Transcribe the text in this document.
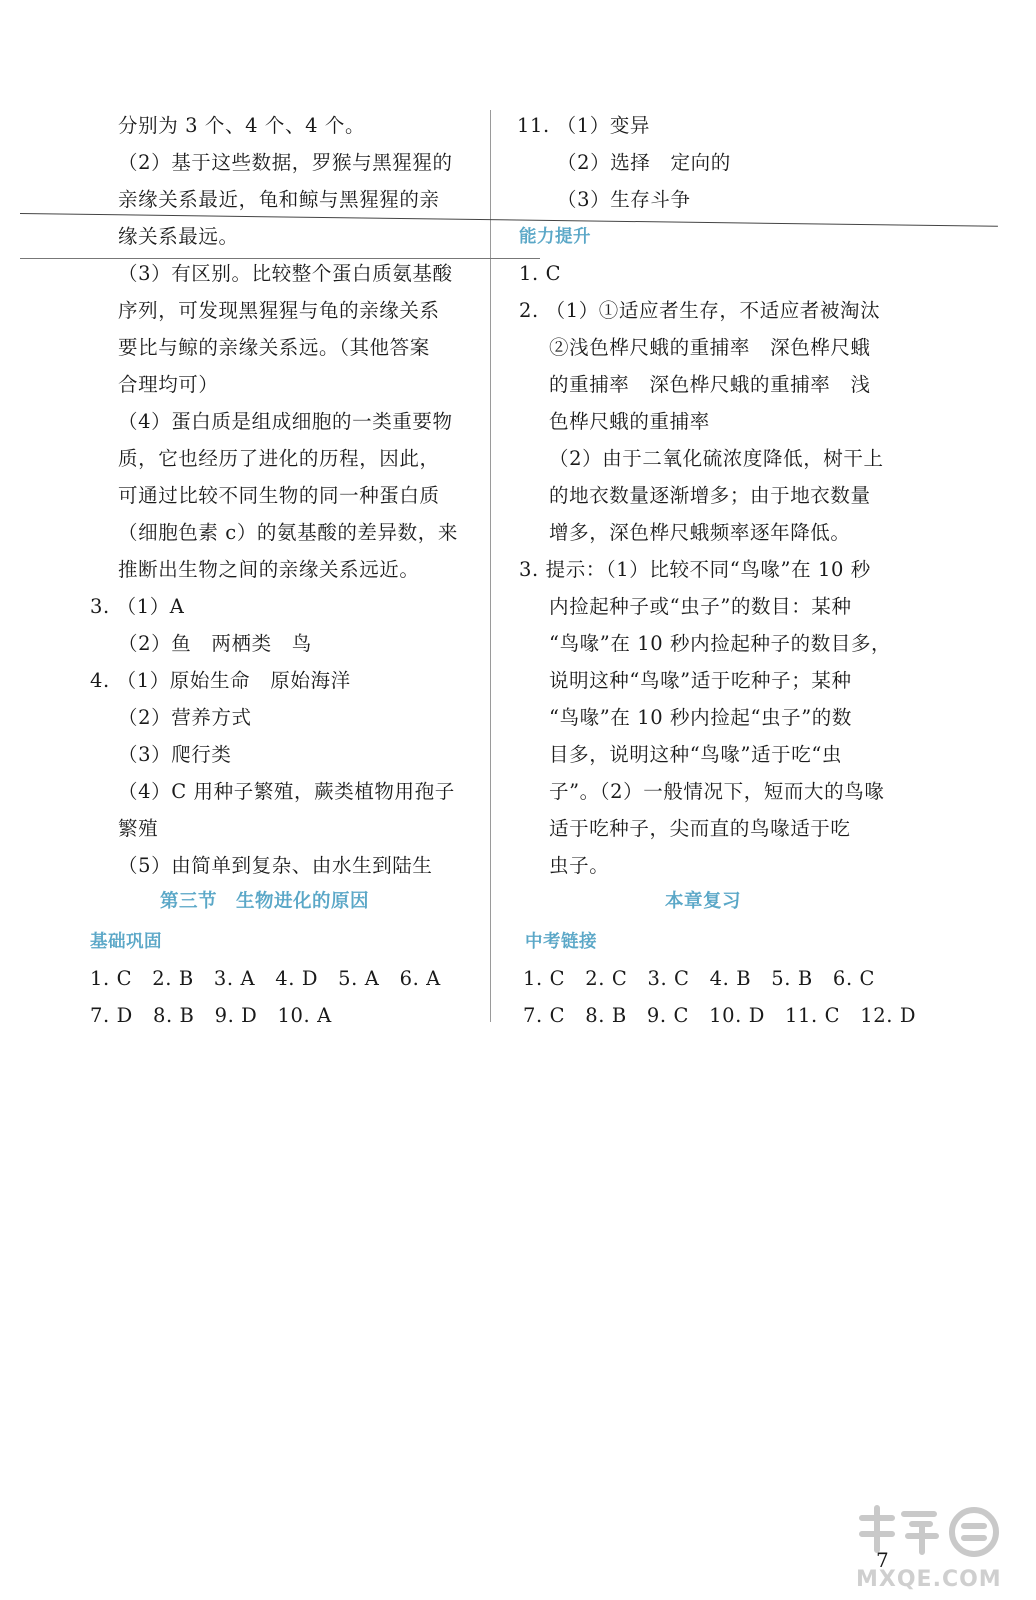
分别为 3 个、4 个、4 个。
（2）基于这些数据，罗猴与黑猩猩的
亲缘关系最近，龟和鲸与黑猩猩的亲
缘关系最远。
（3）有区别。比较整个蛋白质氨基酸
序列，可发现黑猩猩与龟的亲缘关系
要比与鲸的亲缘关系远。（其他答案
合理均可）
（4）蛋白质是组成细胞的一类重要物
质，它也经历了进化的历程，因此，
可通过比较不同生物的同一种蛋白质
（细胞色素 c）的氨基酸的差异数，来
推断出生物之间的亲缘关系远近。
3. （1）A
（2）鱼　两栖类　鸟
4. （1）原始生命　原始海洋
（2）营养方式
（3）爬行类
（4）C 用种子繁殖，蕨类植物用孢子
繁殖
（5）由简单到复杂、由水生到陆生
第三节　生物进化的原因
基础巩固
1. C　2. B　3. A　4. D　5. A　6. A
7. D　8. B　9. D　10. A
11. （1）变异
（2）选择　定向的
（3）生存斗争
能力提升
1. C
2. （1）①适应者生存，不适应者被淘汰
②浅色桦尺蛾的重捕率　深色桦尺蛾
的重捕率　深色桦尺蛾的重捕率　浅
色桦尺蛾的重捕率
（2）由于二氧化硫浓度降低，树干上
的地衣数量逐渐增多；由于地衣数量
增多，深色桦尺蛾频率逐年降低。
3. 提示：（1）比较不同“鸟喙”在 10 秒
内捡起种子或“虫子”的数目：某种
“鸟喙”在 10 秒内捡起种子的数目多，
说明这种“鸟喙”适于吃种子；某种
“鸟喙”在 10 秒内捡起“虫子”的数
目多，说明这种“鸟喙”适于吃“虫
子”。（2）一般情况下，短而大的鸟喙
适于吃种子，尖而直的鸟喙适于吃
虫子。
本章复习
中考链接
1. C　2. C　3. C　4. B　5. B　6. C
7. C　8. B　9. C　10. D　11. C　12. D
7
MXQE.COM
